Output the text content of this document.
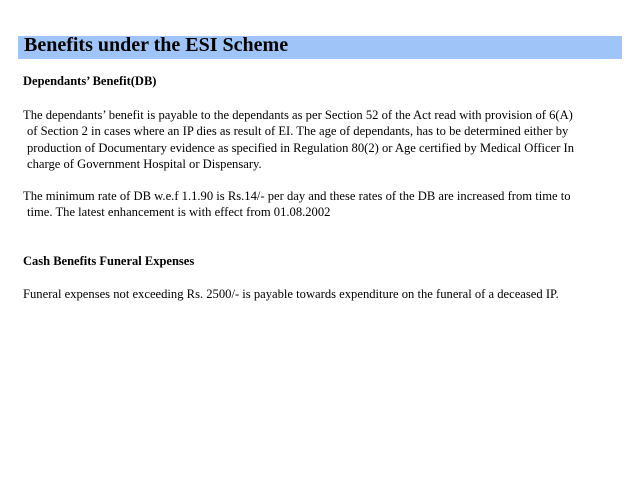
Benefits under the ESI Scheme
Dependants’ Benefit(DB)
The dependants’ benefit is payable to the dependants as per Section 52 of the Act read with provision of 6(A)
of Section 2 in cases where an IP dies as result of EI. The age of dependants, has to be determined either by
production of Documentary evidence as specified in Regulation 80(2) or Age certified by Medical Officer In
charge of Government Hospital or Dispensary.
The minimum rate of DB w.e.f 1.1.90 is Rs.14/- per day and these rates of the DB are increased from time to
time. The latest enhancement is with effect from 01.08.2002
Cash Benefits Funeral Expenses
Funeral expenses not exceeding Rs. 2500/- is payable towards expenditure on the funeral of a deceased IP.
